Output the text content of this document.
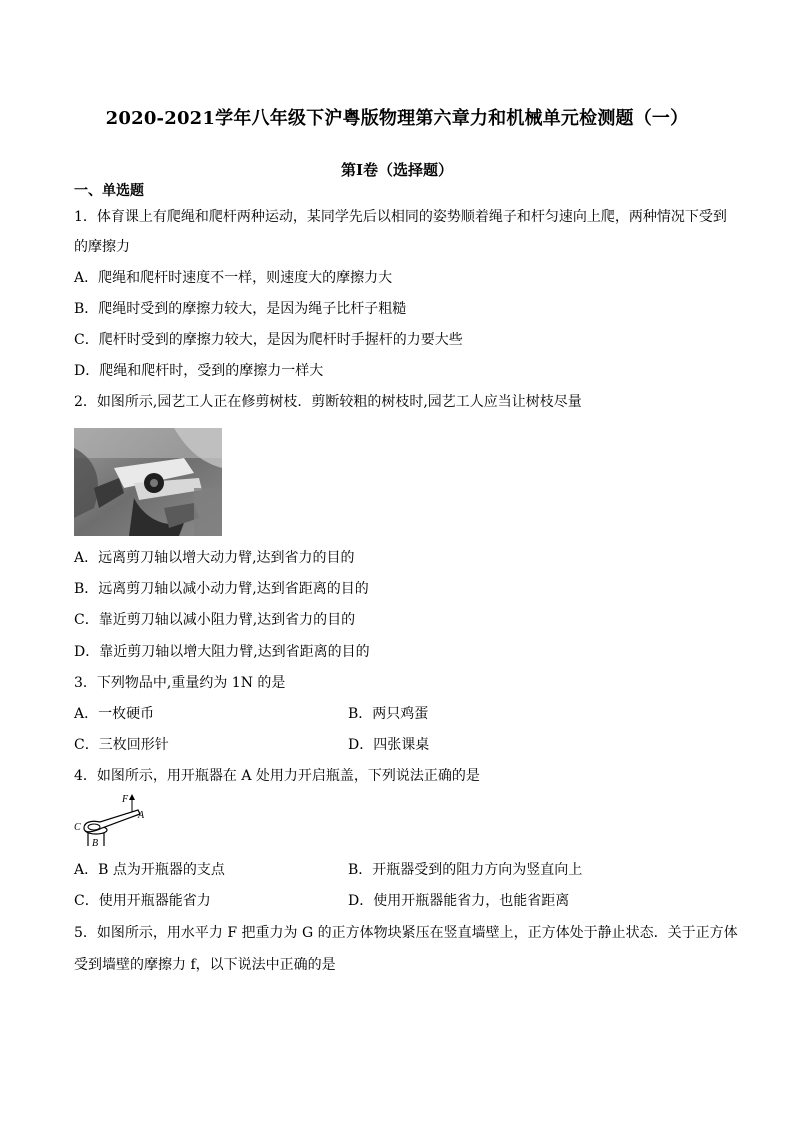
2020-2021学年八年级下沪粤版物理第六章力和机械单元检测题（一）
第I卷（选择题）
一、单选题
1．体育课上有爬绳和爬杆两种运动，某同学先后以相同的姿势顺着绳子和杆匀速向上爬，两种情况下受到
的摩擦力
A．爬绳和爬杆时速度不一样，则速度大的摩擦力大
B．爬绳时受到的摩擦力较大，是因为绳子比杆子粗糙
C．爬杆时受到的摩擦力较大，是因为爬杆时手握杆的力要大些
D．爬绳和爬杆时，受到的摩擦力一样大
2．如图所示,园艺工人正在修剪树枝．剪断较粗的树枝时,园艺工人应当让树枝尽量
A．远离剪刀轴以增大动力臂,达到省力的目的
B．远离剪刀轴以减小动力臂,达到省距离的目的
C．靠近剪刀轴以减小阻力臂,达到省力的目的
D．靠近剪刀轴以增大阻力臂,达到省距离的目的
3．下列物品中,重量约为 1N 的是
A．一枚硬币	B．两只鸡蛋
C．三枚回形针	D．四张课桌
4．如图所示，用开瓶器在 A 处用力开启瓶盖，下列说法正确的是
F
A
C
B
A．B 点为开瓶器的支点	B．开瓶器受到的阻力方向为竖直向上
C．使用开瓶器能省力	D．使用开瓶器能省力，也能省距离
5．如图所示，用水平力 F 把重力为 G 的正方体物块紧压在竖直墙壁上，正方体处于静止状态．关于正方体
受到墙壁的摩擦力 f，以下说法中正确的是
